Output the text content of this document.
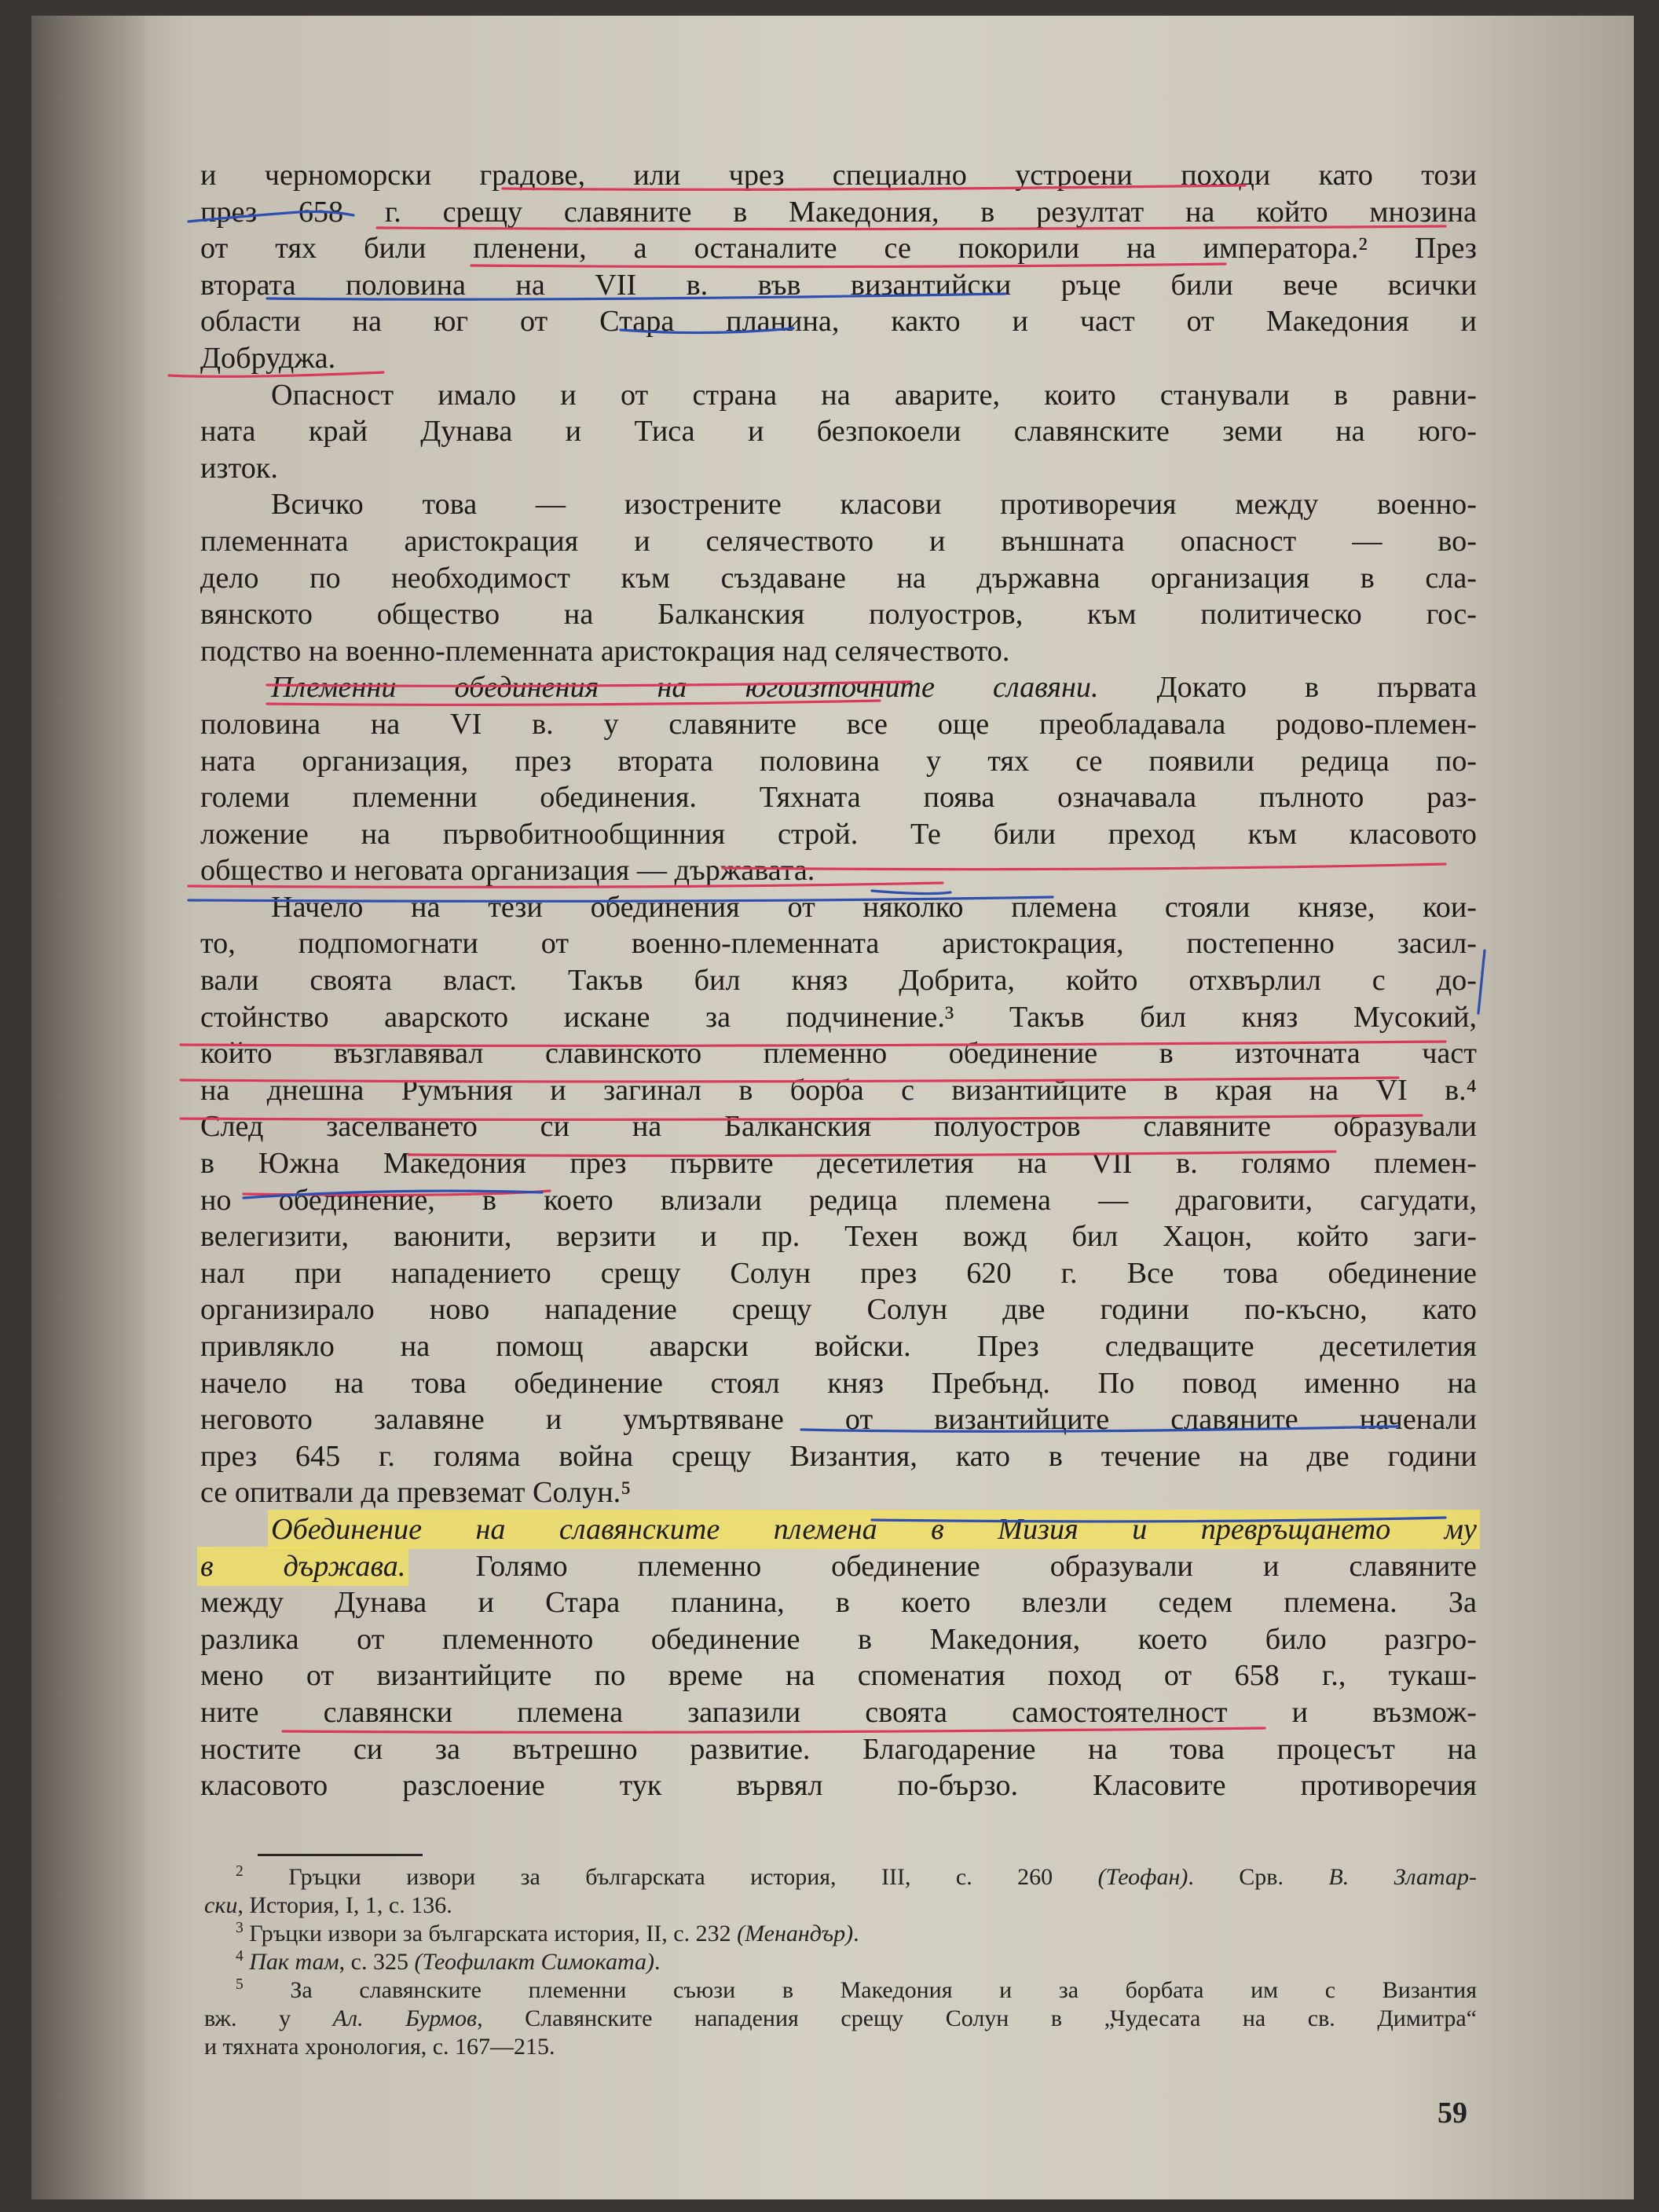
и черноморски градове, или чрез специално устроени походи като този
през 658 г. срещу славяните в Македония, в резултат на който мнозина
от тях били пленени, а останалите се покорили на императора.² През
втората половина на VII в. във византийски ръце били вече всички
области на юг от Стара планина, както и част от Македония и
Добруджа.
Опасност имало и от страна на аварите, които станували в равни-
ната край Дунава и Тиса и безпокоели славянските земи на юго-
изток.
Всичко това — изострените класови противоречия между военно-
племенната аристокрация и селячеството и външната опасност — во-
дело по необходимост към създаване на държавна организация в сла-
вянското общество на Балканския полуостров, към политическо гос-
подство на военно-племенната аристокрация над селячеството.
Племенни обединения на югоизточните славяни. Докато в първата
половина на VI в. у славяните все още преобладавала родово-племен-
ната организация, през втората половина у тях се появили редица по-
големи племенни обединения. Тяхната поява означавала пълното раз-
ложение на първобитнообщинния строй. Те били преход към класовото
общество и неговата организация — държавата.
Начело на тези обединения от няколко племена стояли князе, кои-
то, подпомогнати от военно-племенната аристокрация, постепенно засил-
вали своята власт. Такъв бил княз Добрита, който отхвърлил с до-
стойнство аварското искане за подчинение.³ Такъв бил княз Мусокий,
който възглавявал славинското племенно обединение в източната част
на днешна Румъния и загинал в борба с византийците в края на VI в.⁴
След заселването си на Балканския полуостров славяните образували
в Южна Македония през първите десетилетия на VII в. голямо племен-
но обединение, в което влизали редица племена — драговити, сагудати,
велегизити, ваюнити, верзити и пр. Техен вожд бил Хацон, който заги-
нал при нападението срещу Солун през 620 г. Все това обединение
организирало ново нападение срещу Солун две години по-късно, като
привлякло на помощ аварски войски. През следващите десетилетия
начело на това обединение стоял княз Пребънд. По повод именно на
неговото залавяне и умъртвяване от византийците славяните наченали
през 645 г. голяма война срещу Византия, като в течение на две години
се опитвали да превземат Солун.⁵
Обединение на славянските племена в Мизия и превръщането му
в държава. Голямо племенно обединение образували и славяните
между Дунава и Стара планина, в което влезли седем племена. За
разлика от племенното обединение в Македония, което било разгро-
мено от византийците по време на споменатия поход от 658 г., тукаш-
ните славянски племена запазили своята самостоятелност и възмож-
ностите си за вътрешно развитие. Благодарение на това процесът на
класовото разслоение тук вървял по-бързо. Класовите противоречия
$^2$ Гръцки извори за българската история, III, с. 260 (Теофан). Срв. В. Златар-
ски, История, I, 1, с. 136.
$^3$ Гръцки извори за българската история, II, с. 232 (Менандър).
$^4$ Пак там, с. 325 (Теофилакт Симоката).
$^5$ За славянските племенни съюзи в Македония и за борбата им с Византия
вж. у Ал. Бурмов, Славянските нападения срещу Солун в „Чудесата на св. Димитра“
и тяхната хронология, с. 167—215.
59
